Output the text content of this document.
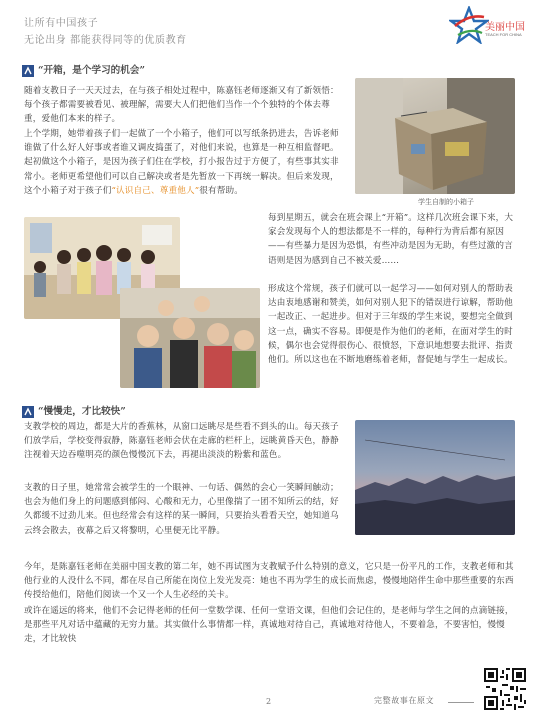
让所有中国孩子
无论出身 都能获得同等的优质教育
美丽中国
TEACH FOR CHINA
“开箱，是个学习的机会”

随着支教日子一天天过去，在与孩子相处过程中，陈嘉钰老师逐渐又有了新领悟：每个孩子都需要被看见、被理解，需要大人们把他们当作一个个独特的个体去尊重，爱他们本来的样子。

上个学期，她带着孩子们一起做了一个小箱子，他们可以写纸条扔进去，告诉老师谁做了什么好人好事或者谁又调皮捣蛋了，对他们来说，也算是一种互相监督吧。起初做这个小箱子，是因为孩子们住在学校，打小报告过于方便了，有些事其实非常小。老师更希望他们可以自己解决或者是先暂放一下再统一解决。但后来发现，这个小箱子对于孩子们“认识自己、尊重他人”很有帮助。

学生自制的小箱子

每到星期五，就会在班会课上“开箱”。这样几次班会课下来，大家会发现每个人的想法都是不一样的，每种行为背后都有原因——有些暴力是因为恐惧，有些冲动是因为无助，有些过激的言语则是因为感到自己不被关爱……

形成这个常规，孩子们就可以一起学习——如何对别人的帮助表达由衷地感谢和赞美，如何对别人犯下的错误进行谅解，帮助他一起改正、一起进步。但对于三年级的学生来说，要想完全做到这一点，确实不容易。即便是作为他们的老师，在面对学生的时候，偶尔也会觉得很伤心、很愤怒，下意识地想要去批评、指责他们。所以这也在不断地磨练着老师，督促她与学生一起成长。

“慢慢走，才比较快”

支教学校的周边，都是大片的香蕉林，从窗口远眺尽是些看不到头的山。每天孩子们放学后，学校变得寂静，陈嘉钰老师会伏在走廊的栏杆上，远眺黄昏天色，静静注视着天边吞噬明亮的颜色慢慢沉下去，再褪出淡淡的粉紫和蓝色。

支教的日子里，她常常会被学生的一个眼神、一句话、偶然的会心一笑瞬间触动；也会为他们身上的问题感到郁闷、心酸和无力，心里像揣了一团不知所云的结，好久都缓不过劲儿来。但也经常会有这样的某一瞬间，只要抬头看看天空，她知道乌云终会散去，夜幕之后又将黎明，心里便无比平静。

今年，是陈嘉钰老师在美丽中国支教的第二年，她不再试图为支教赋予什么特别的意义，它只是一份平凡的工作，支教老师和其他行业的人没什么不同，都在尽自己所能在岗位上发光发亮：她也不再为学生的成长而焦虑，慢慢地陪伴生命中那些重要的东西传授给他们，陪他们阅读一个又一个人生必经的关卡。

或许在遥远的将来，他们不会记得老师的任何一堂数学课、任何一堂语文课，但他们会记住的，是老师与学生之间的点滴链接，是那些平凡对话中蕴藏的无穷力量。其实做什么事情都一样，真诚地对待自己，真诚地对待他人，不要着急，不要害怕，慢慢走，才比较快

2	完整故事在原文
